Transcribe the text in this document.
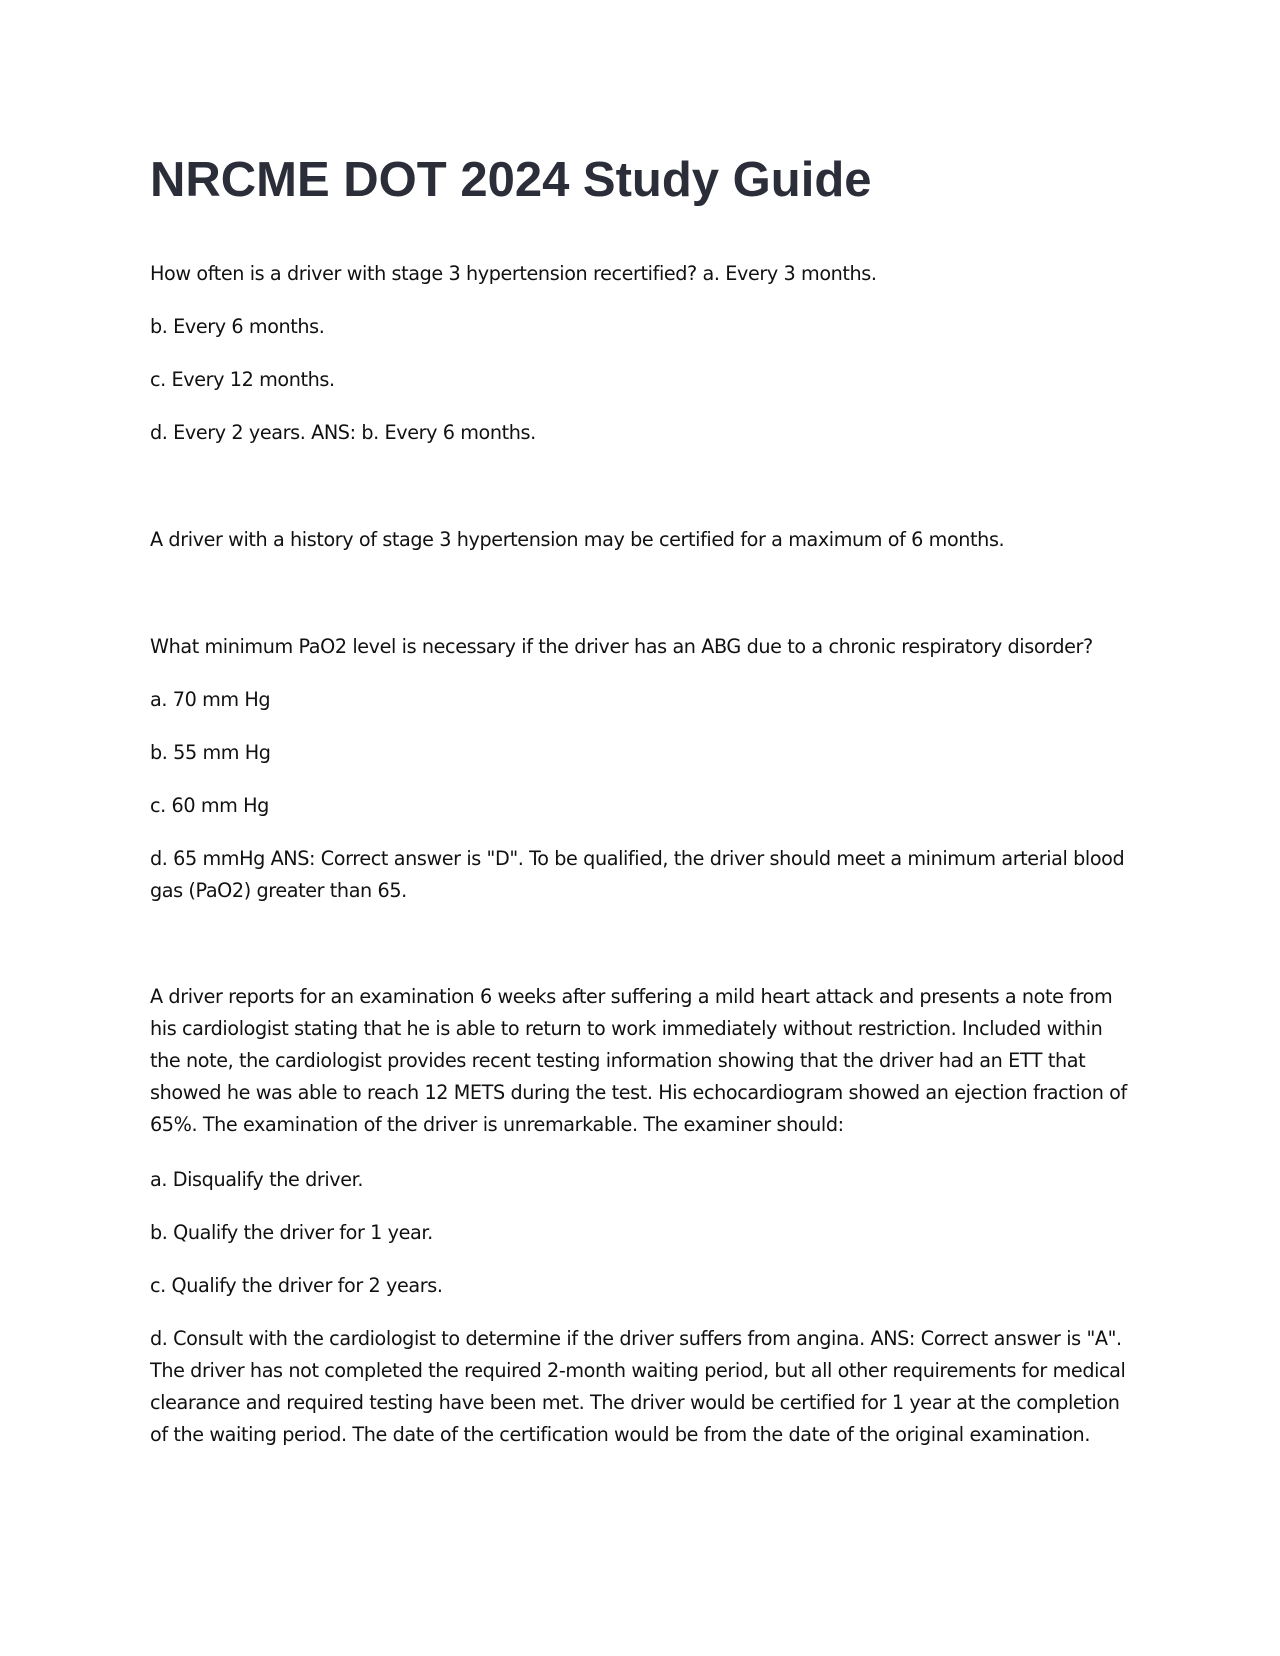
NRCME DOT 2024 Study Guide

How often is a driver with stage 3 hypertension recertified? a. Every 3 months.

b. Every 6 months.

c. Every 12 months.

d. Every 2 years. ANS: b. Every 6 months.

A driver with a history of stage 3 hypertension may be certified for a maximum of 6 months.

What minimum PaO2 level is necessary if the driver has an ABG due to a chronic respiratory disorder?

a. 70 mm Hg

b. 55 mm Hg

c. 60 mm Hg

d. 65 mmHg ANS: Correct answer is "D". To be qualified, the driver should meet a minimum arterial blood gas (PaO2) greater than 65.

A driver reports for an examination 6 weeks after suffering a mild heart attack and presents a note from his cardiologist stating that he is able to return to work immediately without restriction. Included within the note, the cardiologist provides recent testing information showing that the driver had an ETT that showed he was able to reach 12 METS during the test. His echocardiogram showed an ejection fraction of 65%. The examination of the driver is unremarkable. The examiner should:

a. Disqualify the driver.

b. Qualify the driver for 1 year.

c. Qualify the driver for 2 years.

d. Consult with the cardiologist to determine if the driver suffers from angina. ANS: Correct answer is "A". The driver has not completed the required 2-month waiting period, but all other requirements for medical clearance and required testing have been met. The driver would be certified for 1 year at the completion of the waiting period. The date of the certification would be from the date of the original examination.
